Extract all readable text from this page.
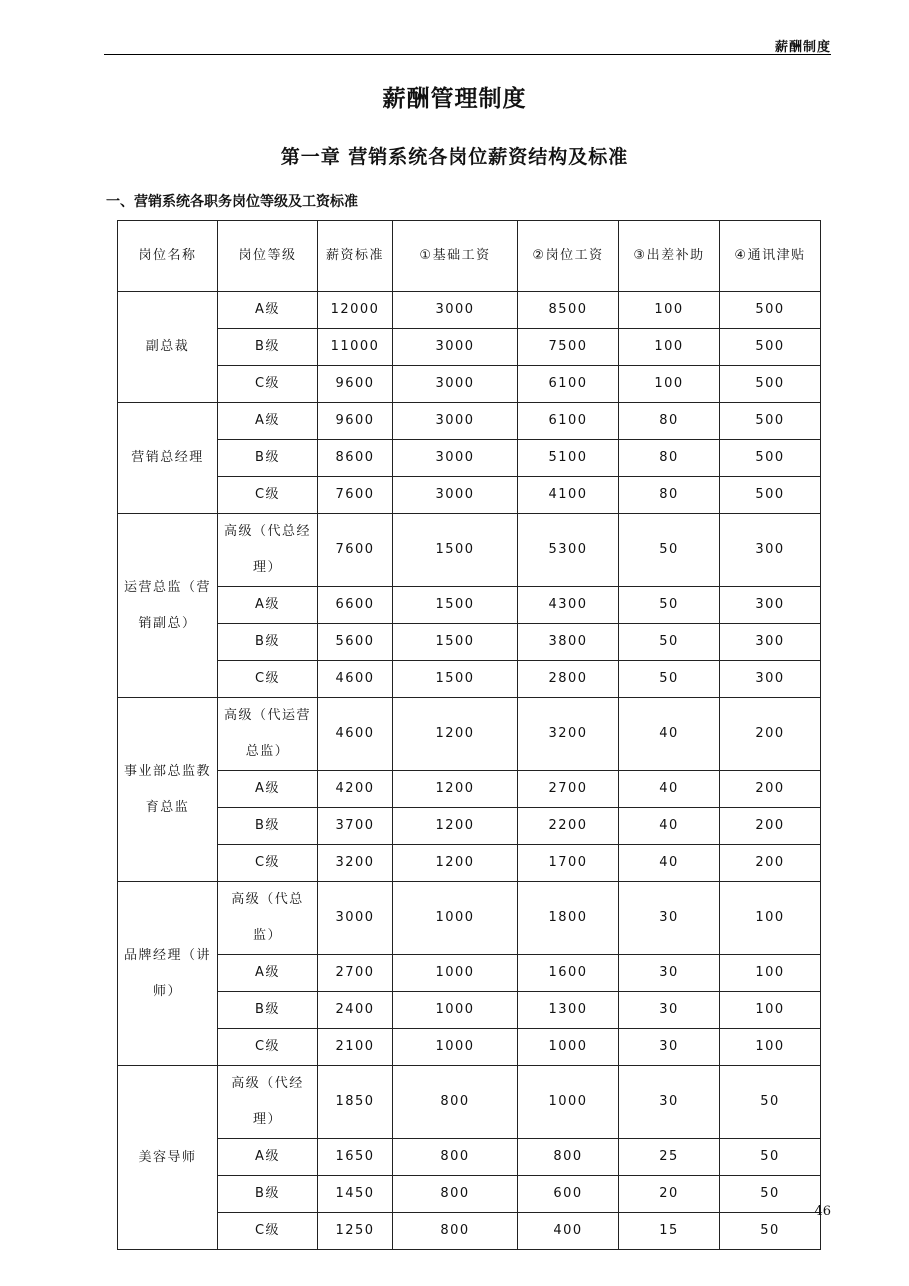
薪酬制度
薪酬管理制度
第一章 营销系统各岗位薪资结构及标准
一、营销系统各职务岗位等级及工资标准
岗位名称	岗位等级	薪资标准	①基础工资	②岗位工资	③出差补助	④通讯津贴
副总裁	A级	12000	3000	8500	100	500
	B级	11000	3000	7500	100	500
	C级	9600	3000	6100	100	500
营销总经理	A级	9600	3000	6100	80	500
	B级	8600	3000	5100	80	500
	C级	7600	3000	4100	80	500
运营总监（营销副总）	高级（代总经理）	7600	1500	5300	50	300
	A级	6600	1500	4300	50	300
	B级	5600	1500	3800	50	300
	C级	4600	1500	2800	50	300
事业部总监教育总监	高级（代运营总监）	4600	1200	3200	40	200
	A级	4200	1200	2700	40	200
	B级	3700	1200	2200	40	200
	C级	3200	1200	1700	40	200
品牌经理（讲师）	高级（代总监）	3000	1000	1800	30	100
	A级	2700	1000	1600	30	100
	B级	2400	1000	1300	30	100
	C级	2100	1000	1000	30	100
美容导师	高级（代经理）	1850	800	1000	30	50
	A级	1650	800	800	25	50
	B级	1450	800	600	20	50
	C级	1250	800	400	15	50
46
